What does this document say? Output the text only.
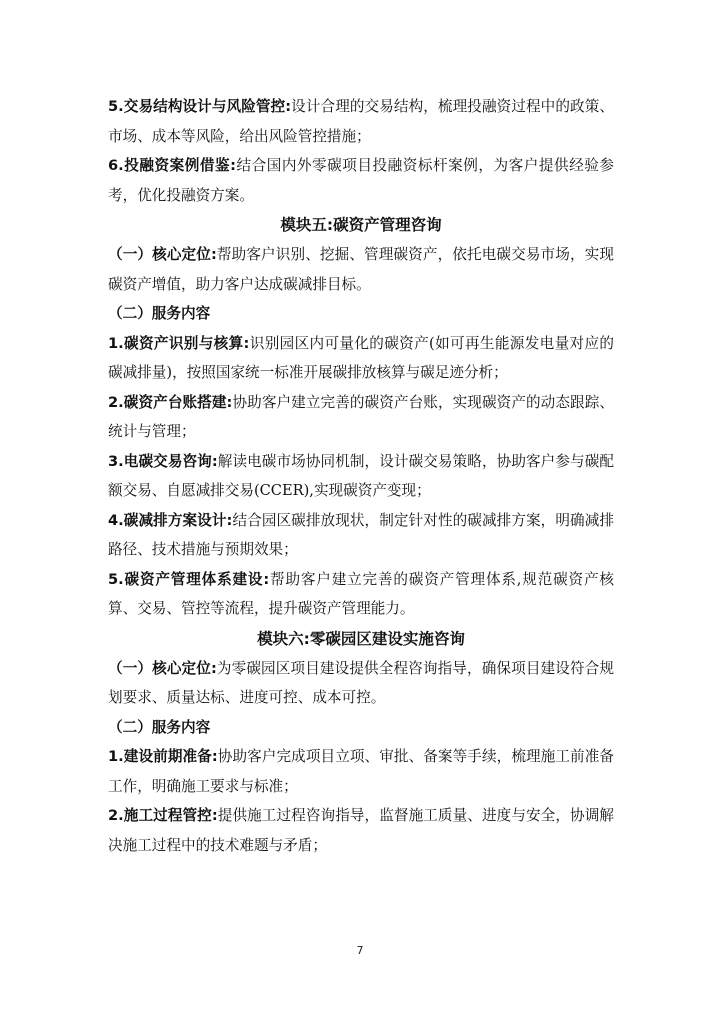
5.交易结构设计与风险管控:设计合理的交易结构，梳理投融资过程中的政策、市场、成本等风险，给出风险管控措施；

6.投融资案例借鉴:结合国内外零碳项目投融资标杆案例，为客户提供经验参考，优化投融资方案。

模块五:碳资产管理咨询

（一）核心定位:帮助客户识别、挖掘、管理碳资产，依托电碳交易市场，实现碳资产增值，助力客户达成碳减排目标。

（二）服务内容

1.碳资产识别与核算:识别园区内可量化的碳资产(如可再生能源发电量对应的碳减排量)，按照国家统一标准开展碳排放核算与碳足迹分析；

2.碳资产台账搭建:协助客户建立完善的碳资产台账，实现碳资产的动态跟踪、统计与管理；

3.电碳交易咨询:解读电碳市场协同机制，设计碳交易策略，协助客户参与碳配额交易、自愿减排交易(CCER),实现碳资产变现；

4.碳减排方案设计:结合园区碳排放现状，制定针对性的碳减排方案，明确减排路径、技术措施与预期效果；

5.碳资产管理体系建设:帮助客户建立完善的碳资产管理体系,规范碳资产核算、交易、管控等流程，提升碳资产管理能力。

模块六:零碳园区建设实施咨询

（一）核心定位:为零碳园区项目建设提供全程咨询指导，确保项目建设符合规划要求、质量达标、进度可控、成本可控。

（二）服务内容

1.建设前期准备:协助客户完成项目立项、审批、备案等手续，梳理施工前准备工作，明确施工要求与标准；

2.施工过程管控:提供施工过程咨询指导，监督施工质量、进度与安全，协调解决施工过程中的技术难题与矛盾；

7
